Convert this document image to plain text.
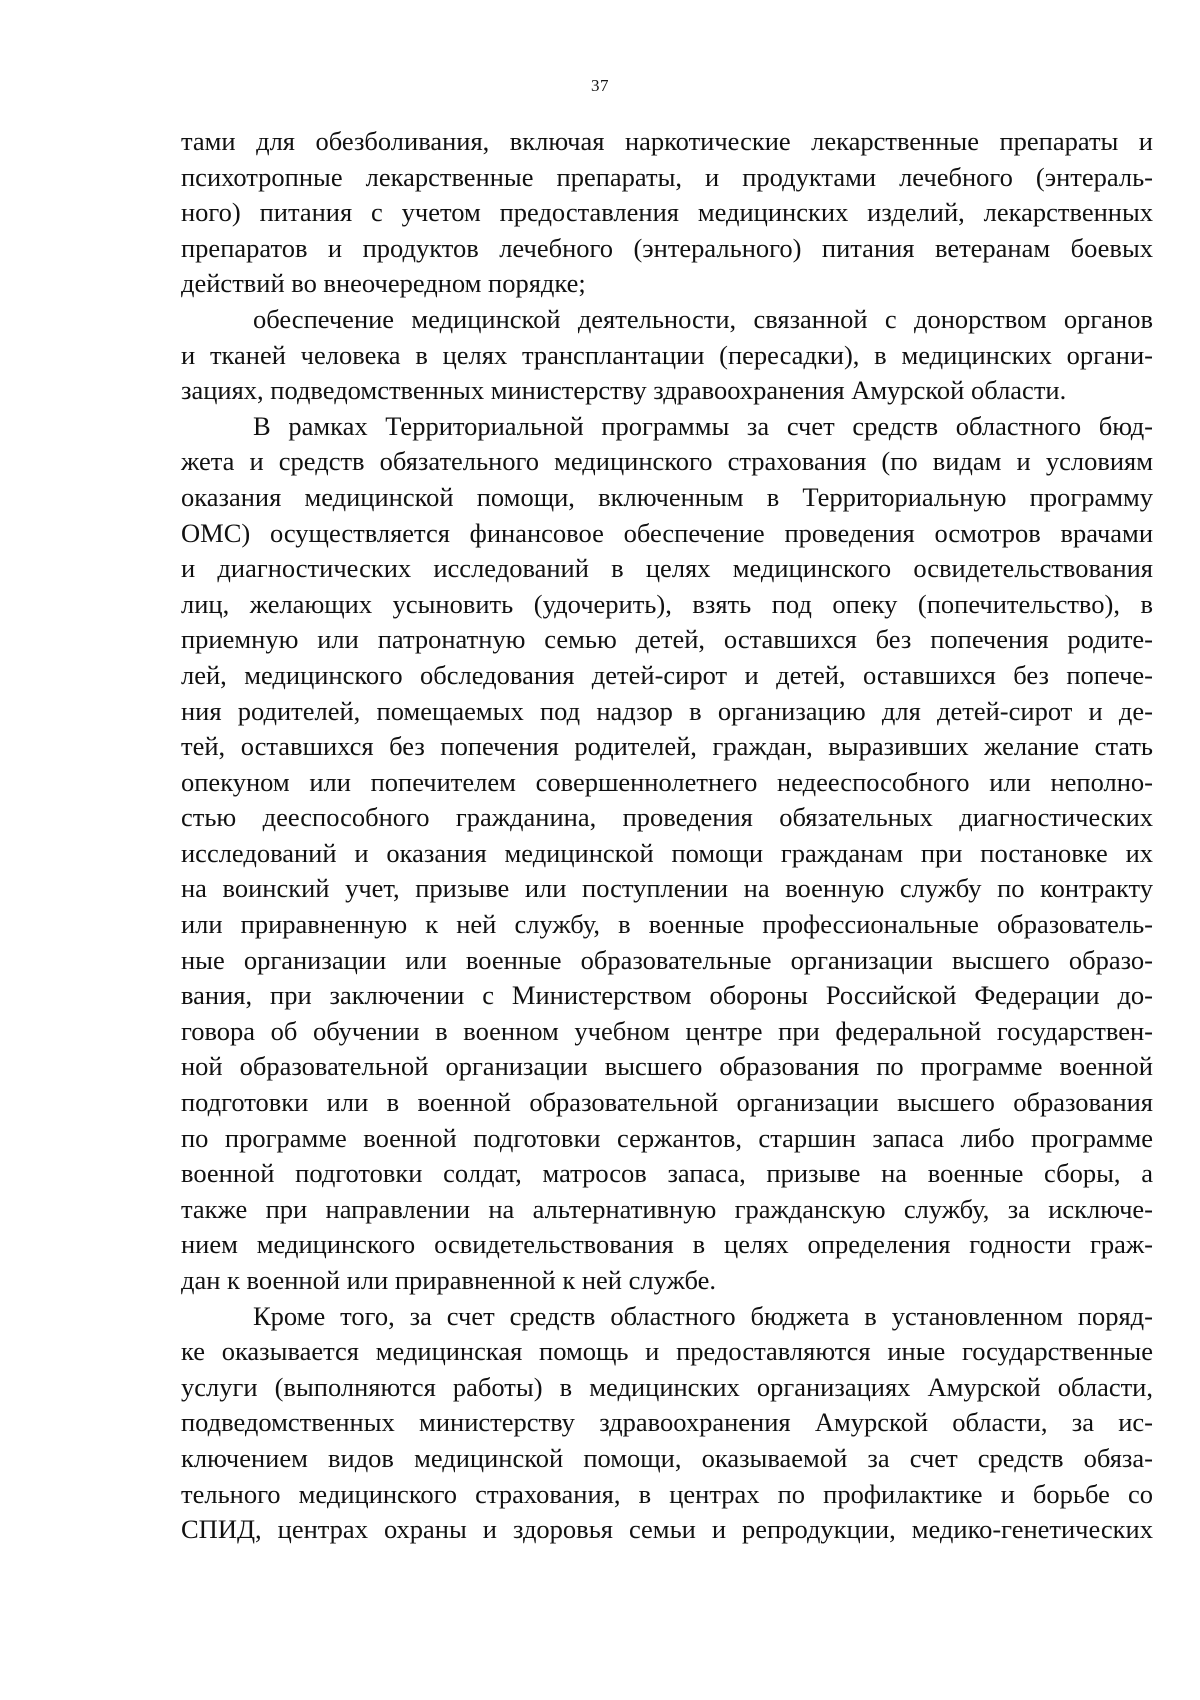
37
тами для обезболивания, включая наркотические лекарственные препараты и
психотропные лекарственные препараты, и продуктами лечебного (энтераль-
ного) питания с учетом предоставления медицинских изделий, лекарственных
препаратов и продуктов лечебного (энтерального) питания ветеранам боевых
действий во внеочередном порядке;
обеспечение медицинской деятельности, связанной с донорством органов
и тканей человека в целях трансплантации (пересадки), в медицинских органи-
зациях, подведомственных министерству здравоохранения Амурской области.
В рамках Территориальной программы за счет средств областного бюд-
жета и средств обязательного медицинского страхования (по видам и условиям
оказания медицинской помощи, включенным в Территориальную программу
ОМС) осуществляется финансовое обеспечение проведения осмотров врачами
и диагностических исследований в целях медицинского освидетельствования
лиц, желающих усыновить (удочерить), взять под опеку (попечительство), в
приемную или патронатную семью детей, оставшихся без попечения родите-
лей, медицинского обследования детей-сирот и детей, оставшихся без попече-
ния родителей, помещаемых под надзор в организацию для детей-сирот и де-
тей, оставшихся без попечения родителей, граждан, выразивших желание стать
опекуном или попечителем совершеннолетнего недееспособного или неполно-
стью дееспособного гражданина, проведения обязательных диагностических
исследований и оказания медицинской помощи гражданам при постановке их
на воинский учет, призыве или поступлении на военную службу по контракту
или приравненную к ней службу, в военные профессиональные образователь-
ные организации или военные образовательные организации высшего образо-
вания, при заключении с Министерством обороны Российской Федерации до-
говора об обучении в военном учебном центре при федеральной государствен-
ной образовательной организации высшего образования по программе военной
подготовки или в военной образовательной организации высшего образования
по программе военной подготовки сержантов, старшин запаса либо программе
военной подготовки солдат, матросов запаса, призыве на военные сборы, а
также при направлении на альтернативную гражданскую службу, за исключе-
нием медицинского освидетельствования в целях определения годности граж-
дан к военной или приравненной к ней службе.
Кроме того, за счет средств областного бюджета в установленном поряд-
ке оказывается медицинская помощь и предоставляются иные государственные
услуги (выполняются работы) в медицинских организациях Амурской области,
подведомственных министерству здравоохранения Амурской области, за ис-
ключением видов медицинской помощи, оказываемой за счет средств обяза-
тельного медицинского страхования, в центрах по профилактике и борьбе со
СПИД, центрах охраны и здоровья семьи и репродукции, медико-генетических
